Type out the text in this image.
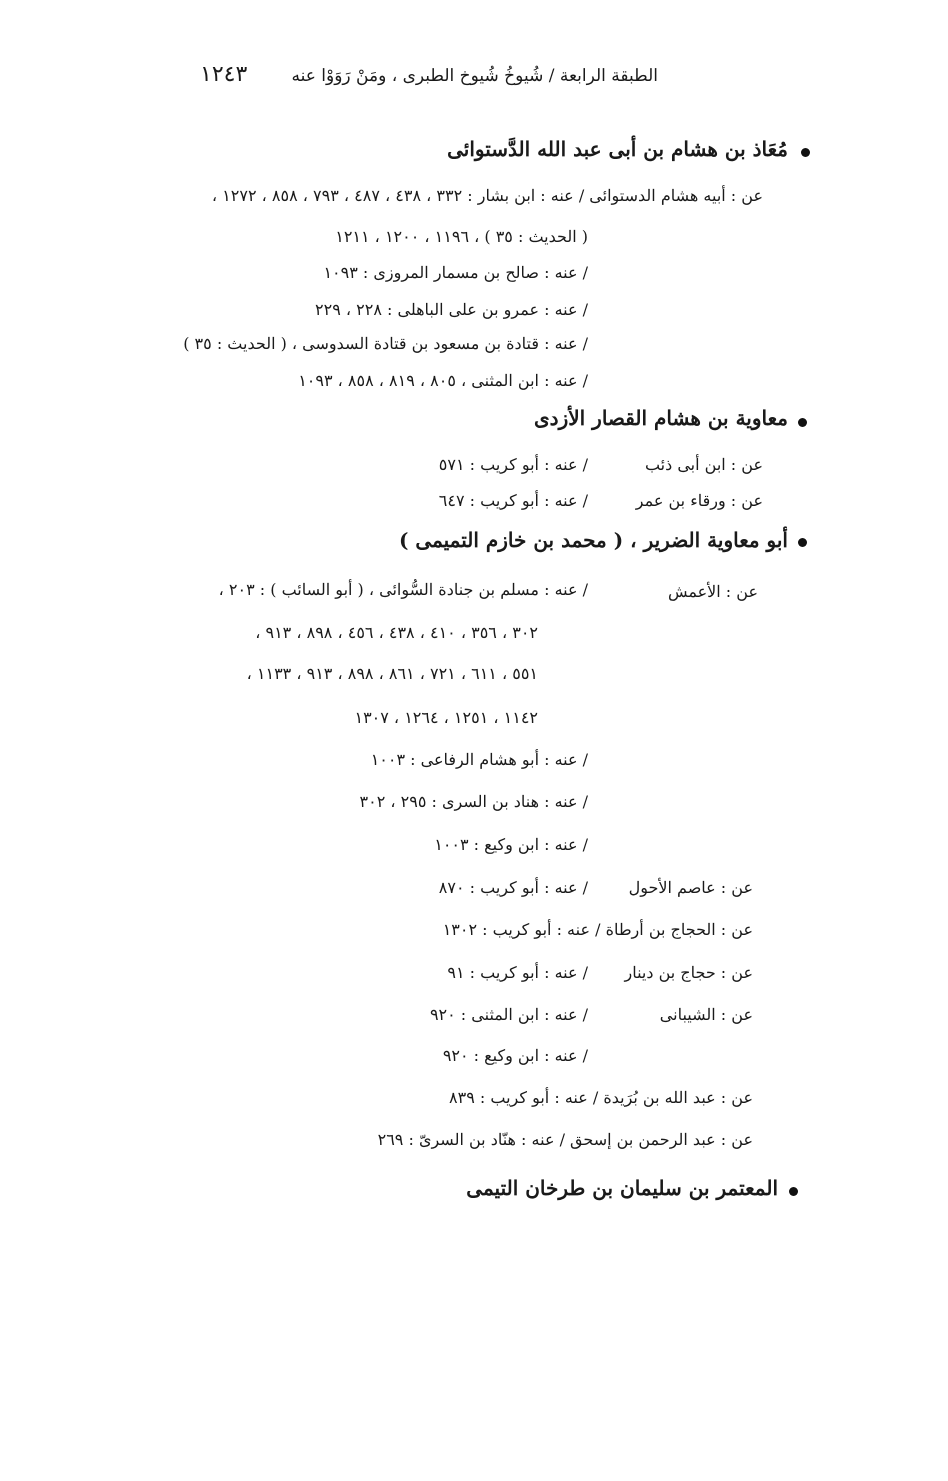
الطبقة الرابعة / شُيوخُ شُيوخ الطبرى ، ومَنْ رَوَوْا عنه
١٢٤٣
مُعَاذ بن هشام بن أبى عبد الله الدَّستوائى
عن : أبيه هشام الدستوائى / عنه : ابن بشار : ٣٣٢ ، ٤٣٨ ، ٤٨٧ ، ٧٩٣ ، ٨٥٨ ، ١٢٧٢ ،
( الحديث : ٣٥ ) ، ١١٩٦ ، ١٢٠٠ ، ١٢١١
/ عنه : صالح بن مسمار المروزى : ١٠٩٣
/ عنه : عمرو بن على الباهلى : ٢٢٨ ، ٢٢٩
/ عنه : قتادة بن مسعود بن قتادة السدوسى ، ( الحديث : ٣٥ )
/ عنه : ابن المثنى ، ٨٠٥ ، ٨١٩ ، ٨٥٨ ، ١٠٩٣
معاوية بن هشام القصار الأزدى
عن : ابن أبى ذئب
/ عنه : أبو كريب : ٥٧١
عن : ورقاء بن عمر
/ عنه : أبو كريب : ٦٤٧
أبو معاوية الضرير ، ( محمد بن خازم التميمى )
عن : الأعمش
/ عنه : مسلم بن جنادة السُّوائى ، ( أبو السائب ) : ٢٠٣ ،
٣٠٢ ، ٣٥٦ ، ٤١٠ ، ٤٣٨ ، ٤٥٦ ، ٨٩٨ ، ٩١٣ ،
٥٥١ ، ٦١١ ، ٧٢١ ، ٨٦١ ، ٨٩٨ ، ٩١٣ ، ١١٣٣ ،
١١٤٢ ، ١٢٥١ ، ١٢٦٤ ، ١٣٠٧
/ عنه : أبو هشام الرفاعى : ١٠٠٣
/ عنه : هناد بن السرى : ٢٩٥ ، ٣٠٢
/ عنه : ابن وكيع : ١٠٠٣
عن : عاصم الأحول
/ عنه : أبو كريب : ٨٧٠
عن : الحجاج بن أرطاة / عنه : أبو كريب : ١٣٠٢
عن : حجاج بن دينار
/ عنه : أبو كريب : ٩١
عن : الشيبانى
/ عنه : ابن المثنى : ٩٢٠
/ عنه : ابن وكيع : ٩٢٠
عن : عبد الله بن بُرَيدة / عنه : أبو كريب : ٨٣٩
عن : عبد الرحمن بن إسحق / عنه : هنّاد بن السرىّ : ٢٦٩
المعتمر بن سليمان بن طرخان التيمى
